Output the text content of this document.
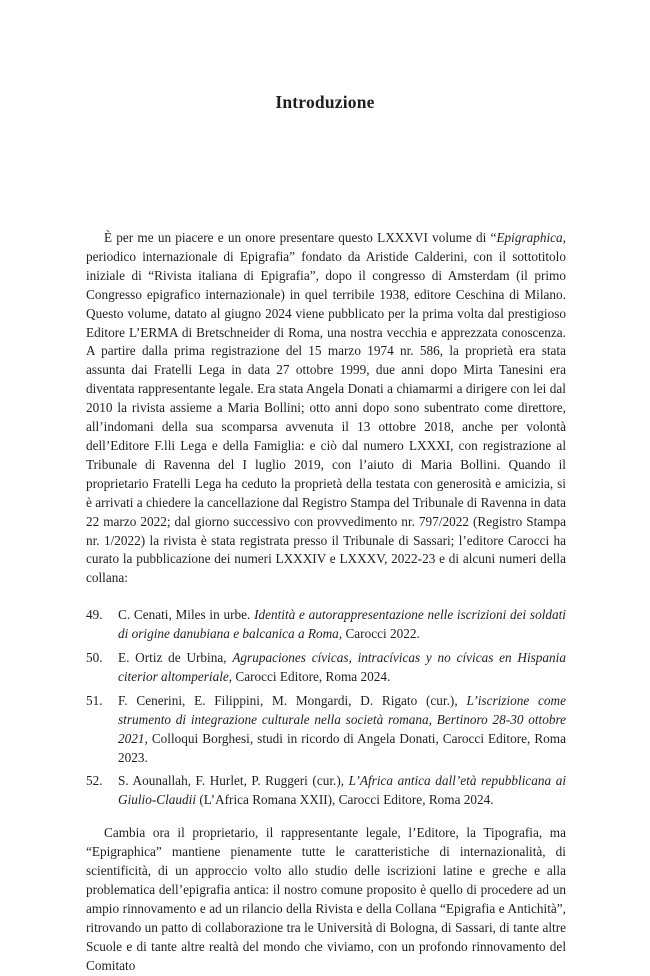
Introduzione

È per me un piacere e un onore presentare questo LXXXVI volume di “Epigraphica, periodico internazionale di Epigrafia” fondato da Aristide Calderini, con il sottotitolo iniziale di “Rivista italiana di Epigrafia”, dopo il congresso di Amsterdam (il primo Congresso epigrafico internazionale) in quel terribile 1938, editore Ceschina di Milano. Questo volume, datato al giugno 2024 viene pubblicato per la prima volta dal prestigioso Editore L’ERMA di Bretschneider di Roma, una nostra vecchia e apprezzata conoscenza. A partire dalla prima registrazione del 15 marzo 1974 nr. 586, la proprietà era stata assunta dai Fratelli Lega in data 27 ottobre 1999, due anni dopo Mirta Tanesini era diventata rappresentante legale. Era stata Angela Donati a chiamarmi a dirigere con lei dal 2010 la rivista assieme a Maria Bollini; otto anni dopo sono subentrato come direttore, all’indomani della sua scomparsa avvenuta il 13 ottobre 2018, anche per volontà dell’Editore F.lli Lega e della Famiglia: e ciò dal numero LXXXI, con registrazione al Tribunale di Ravenna del I luglio 2019, con l’aiuto di Maria Bollini. Quando il proprietario Fratelli Lega ha ceduto la proprietà della testata con generosità e amicizia, si è arrivati a chiedere la cancellazione dal Registro Stampa del Tribunale di Ravenna in data 22 marzo 2022; dal giorno successivo con provvedimento nr. 797/2022 (Registro Stampa nr. 1/2022) la rivista è stata registrata presso il Tribunale di Sassari; l’editore Carocci ha curato la pubblicazione dei numeri LXXXIV e LXXXV, 2022-23 e di alcuni numeri della collana:

49. C. Cenati, Miles in urbe. Identità e autorappresentazione nelle iscrizioni dei soldati di origine danubiana e balcanica a Roma, Carocci 2022.
50. E. Ortiz de Urbina, Agrupaciones cívicas, intracívicas y no cívicas en Hispania citerior altomperiale, Carocci Editore, Roma 2024.
51. F. Cenerini, E. Filippini, M. Mongardi, D. Rigato (cur.), L’iscrizione come strumento di integrazione culturale nella società romana, Bertinoro 28-30 ottobre 2021, Colloqui Borghesi, studi in ricordo di Angela Donati, Carocci Editore, Roma 2023.
52. S. Aounallah, F. Hurlet, P. Ruggeri (cur.), L’Africa antica dall’età repubblicana ai Giulio-Claudii (L’Africa Romana XXII), Carocci Editore, Roma 2024.

Cambia ora il proprietario, il rappresentante legale, l’Editore, la Tipografia, ma “Epigraphica” mantiene pienamente tutte le caratteristiche di internazionalità, di scientificità, di un approccio volto allo studio delle iscrizioni latine e greche e alla problematica dell’epigrafia antica: il nostro comune proposito è quello di procedere ad un ampio rinnovamento e ad un rilancio della Rivista e della Collana “Epigrafia e Antichità”, ritrovando un patto di collaborazione tra le Università di Bologna, di Sassari, di tante altre Scuole e di tante altre realtà del mondo che viviamo, con un profondo rinnovamento del Comitato
